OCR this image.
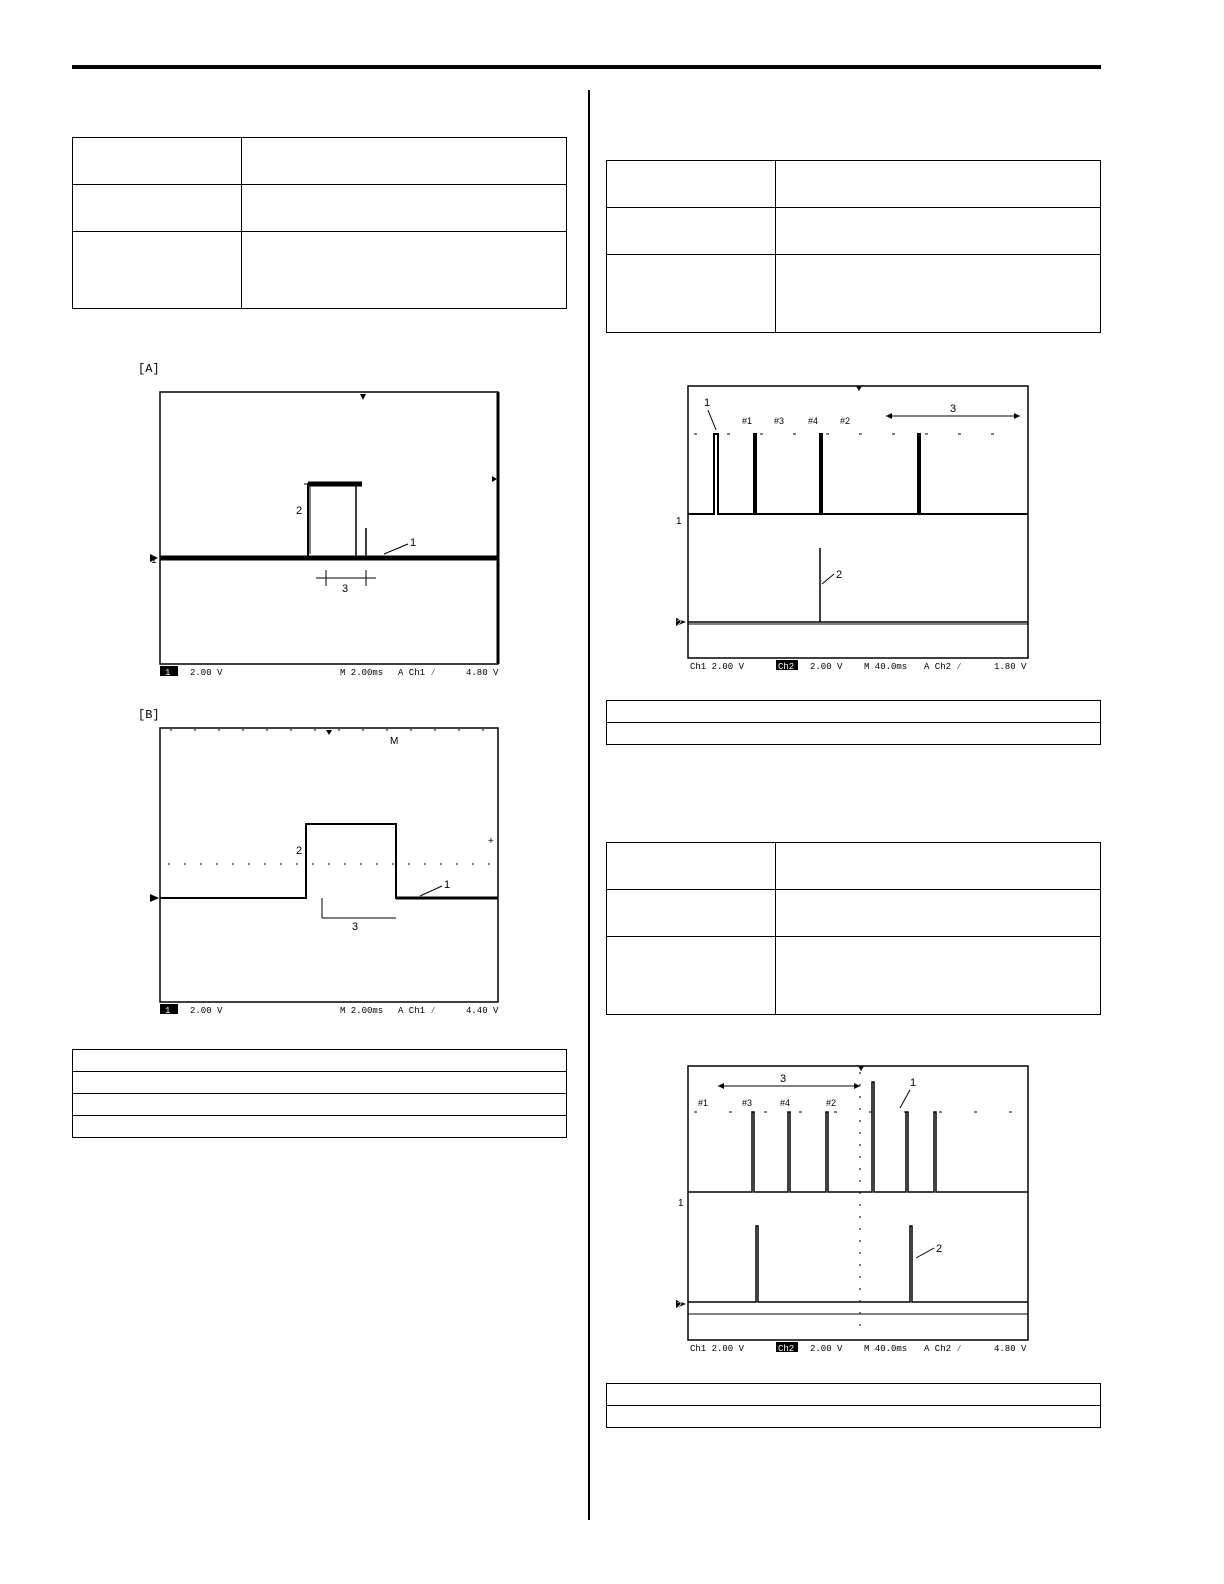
[A]
1
2
3
1
1 2.00 V	M 2.00ms A Ch1 ∕	4.80 V
[B]
1
2
3
M
+
1 2.00 V	M 2.00ms A Ch1 ∕	4.40 V

3
1
2
#1 #3	#4 #2
1
2
Ch1 2.00 V	Ch2 2.00 V M 40.0ms A Ch2 ∕	1.80 V

3	1
2
#1	#3	#4	#2
1
2
Ch1 2.00 V	Ch2 2.00 V M 40.0ms A Ch2 ∕	4.80 V
